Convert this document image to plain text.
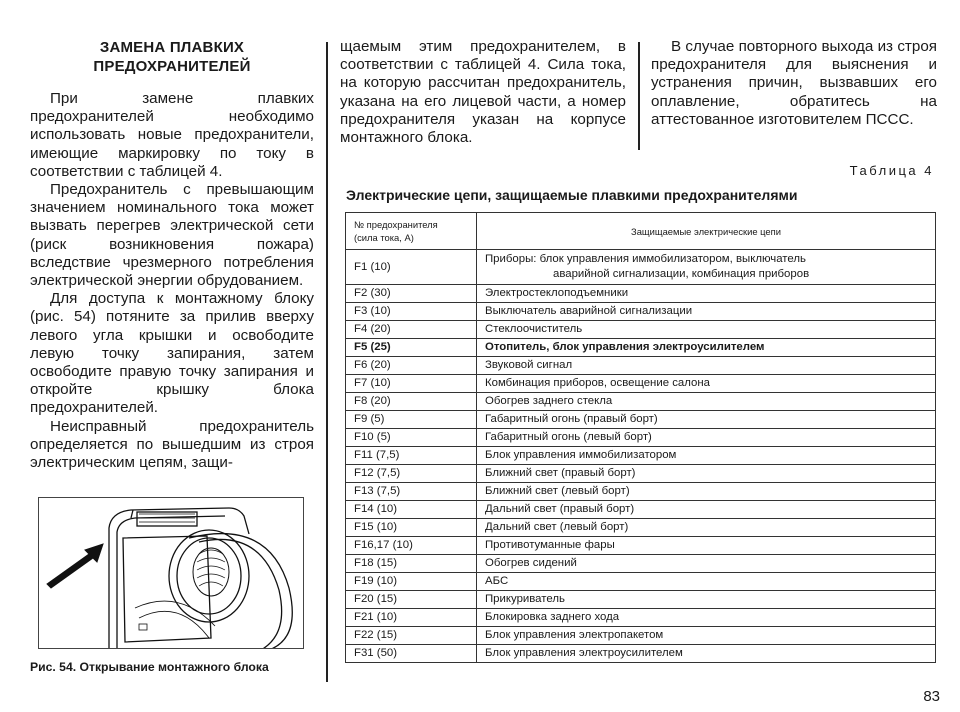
ЗАМЕНА ПЛАВКИХ
ПРЕДОХРАНИТЕЛЕЙ

При замене плавких предохранителей необходимо использовать новые предохранители, имеющие маркировку по току в соответствии с таблицей 4.

Предохранитель с превышающим значением номинального тока может вызвать перегрев электрической сети (риск возникновения пожара) вследствие чрезмерного потребления электрической энергии обрудованием.

Для доступа к монтажному блоку (рис. 54) потяните за прилив вверху левого угла крышки и освободите левую точку запирания, затем освободите правую точку запирания и откройте крышку блока предохранителей.

Неисправный предохранитель определяется по вышедшим из строя электрическим цепям, защи-

Рис. 54. Открывание монтажного блока

щаемым этим предохранителем, в соответствии с таблицей 4. Сила тока, на которую рассчитан предохранитель, указана на его лицевой части, а номер предохранителя указан на корпусе монтажного блока.

В случае повторного выхода из строя предохранителя для выяснения и устранения причин, вызвавших его оплавление, обратитесь на аттестованное изготовителем ПССС.

Таблица 4
Электрические цепи, защищаемые плавкими предохранителями
№ предохранителя
(сила тока, А)	Защищаемые электрические цепи
F1 (10)	Приборы: блок управления иммобилизатором, выключатель
аварийной сигнализации, комбинация приборов

F2 (30)	Электростеклоподъемники
F3 (10)	Выключатель аварийной сигнализации
F4 (20)	Стеклоочиститель
F5 (25)	Отопитель, блок управления электроусилителем
F6 (20)	Звуковой сигнал
F7 (10)	Комбинация приборов, освещение салона
F8 (20)	Обогрев заднего стекла
F9 (5)	Габаритный огонь (правый борт)
F10 (5)	Габаритный огонь (левый борт)
F11 (7,5)	Блок управления иммобилизатором
F12 (7,5)	Ближний свет (правый борт)
F13 (7,5)	Ближний свет (левый борт)
F14 (10)	Дальний свет (правый борт)
F15 (10)	Дальний свет (левый борт)
F16,17 (10)	Противотуманные фары
F18 (15)	Обогрев сидений
F19 (10)	АБС
F20 (15)	Прикуриватель
F21 (10)	Блокировка заднего хода
F22 (15)	Блок управления электропакетом
F31 (50)	Блок управления электроусилителем
83
